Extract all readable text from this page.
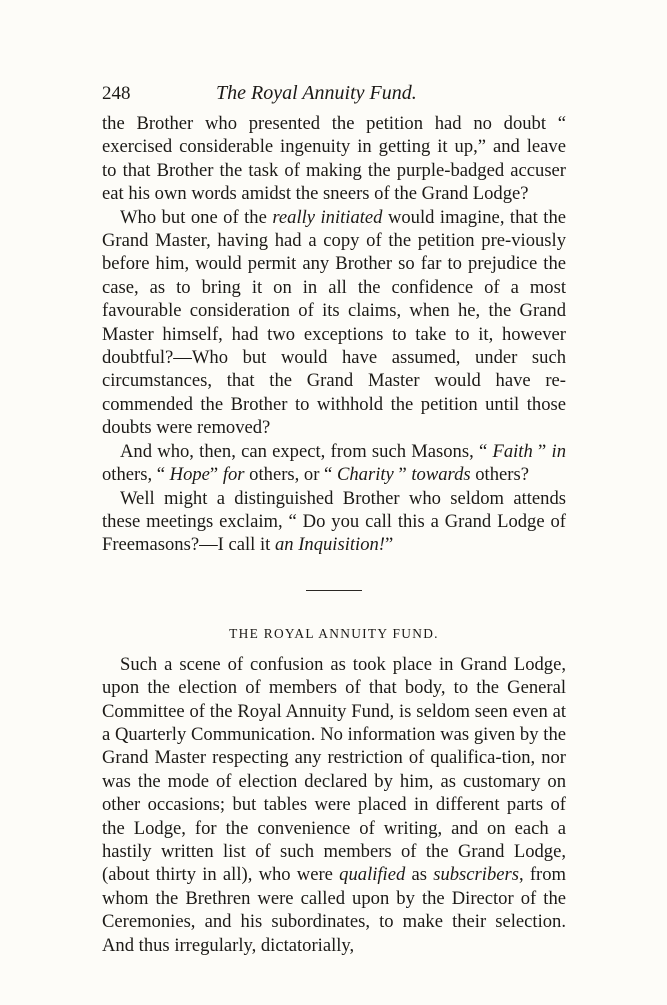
248	The Royal Annuity Fund.

the Brother who presented the petition had no doubt “ exercised considerable ingenuity in getting it up,” and leave to that Brother the task of making the purple-badged accuser eat his own words amidst the sneers of the Grand Lodge?

Who but one of the really initiated would imagine, that the Grand Master, having had a copy of the petition pre-viously before him, would permit any Brother so far to prejudice the case, as to bring it on in all the confidence of a most favourable consideration of its claims, when he, the Grand Master himself, had two exceptions to take to it, however doubtful?—Who but would have assumed, under such circumstances, that the Grand Master would have re-commended the Brother to withhold the petition until those doubts were removed?

And who, then, can expect, from such Masons, “ Faith ” in others, “ Hope” for others, or “ Charity ” towards others?

Well might a distinguished Brother who seldom attends these meetings exclaim, “ Do you call this a Grand Lodge of Freemasons?—I call it an Inquisition!”

THE ROYAL ANNUITY FUND.

Such a scene of confusion as took place in Grand Lodge, upon the election of members of that body, to the General Committee of the Royal Annuity Fund, is seldom seen even at a Quarterly Communication. No information was given by the Grand Master respecting any restriction of qualifica-tion, nor was the mode of election declared by him, as customary on other occasions; but tables were placed in different parts of the Lodge, for the convenience of writing, and on each a hastily written list of such members of the Grand Lodge, (about thirty in all), who were qualified as subscribers, from whom the Brethren were called upon by the Director of the Ceremonies, and his subordinates, to make their selection. And thus irregularly, dictatorially,
